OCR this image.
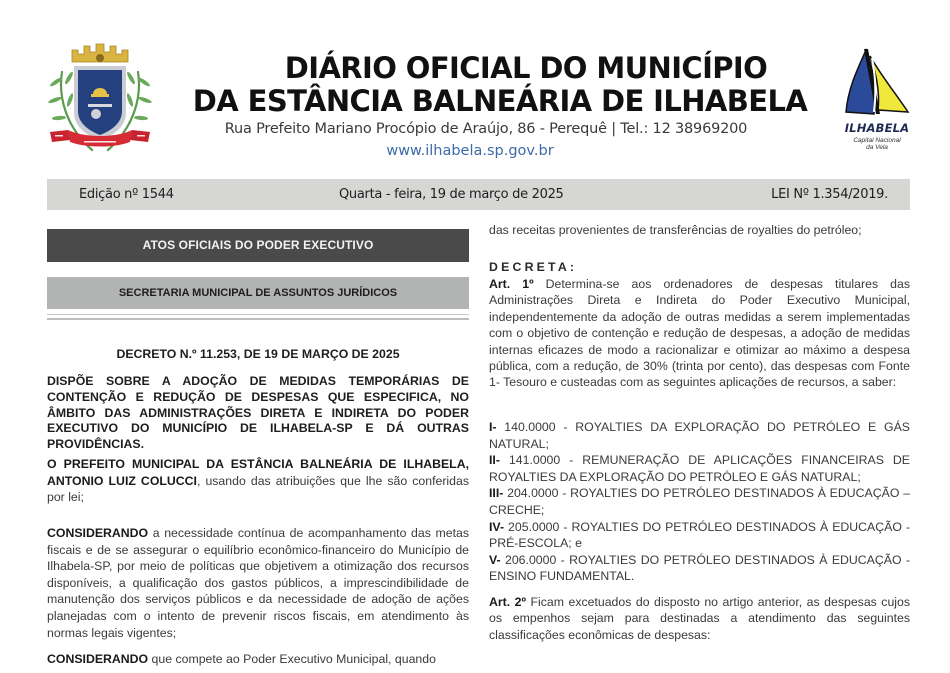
DIÁRIO OFICIAL DO MUNICÍPIO
DA ESTÂNCIA BALNEÁRIA DE ILHABELA
Rua Prefeito Mariano Procópio de Araújo, 86 - Perequê | Tel.: 12 38969200
www.ilhabela.sp.gov.br
ILHABELA
Capital Nacional
da Vela
Edição nº 1544	Quarta - feira, 19 de março de 2025	LEI Nº 1.354/2019.
ATOS OFICIAIS DO PODER EXECUTIVO
SECRETARIA MUNICIPAL DE ASSUNTOS JURÍDICOS
DECRETO N.º 11.253, DE 19 DE MARÇO DE 2025
DISPÕE SOBRE A ADOÇÃO DE MEDIDAS TEMPORÁRIAS DE CONTENÇÃO E REDUÇÃO DE DESPESAS QUE ESPECIFICA, NO ÂMBITO DAS ADMINISTRAÇÕES DIRETA E INDIRETA DO PODER EXECUTIVO DO MUNICÍPIO DE ILHABELA-SP E DÁ OUTRAS PROVIDÊNCIAS.
O PREFEITO MUNICIPAL DA ESTÂNCIA BALNEÁRIA DE ILHABELA, ANTONIO LUIZ COLUCCI, usando das atribuições que lhe são conferidas por lei;
CONSIDERANDO a necessidade contínua de acompanhamento das metas fiscais e de se assegurar o equilíbrio econômico-financeiro do Município de Ilhabela-SP, por meio de políticas que objetivem a otimização dos recursos disponíveis, a qualificação dos gastos públicos, a imprescindibilidade de manutenção dos serviços públicos e da necessidade de adoção de ações planejadas com o intento de prevenir riscos fiscais, em atendimento às normas legais vigentes;
CONSIDERANDO que compete ao Poder Executivo Municipal, quando
das receitas provenientes de transferências de royalties do petróleo;
DECRETA:
Art. 1º Determina-se aos ordenadores de despesas titulares das Administrações Direta e Indireta do Poder Executivo Municipal, independentemente da adoção de outras medidas a serem implementadas com o objetivo de contenção e redução de despesas, a adoção de medidas internas eficazes de modo a racionalizar e otimizar ao máximo a despesa pública, com a redução, de 30% (trinta por cento), das despesas com Fonte 1- Tesouro e custeadas com as seguintes aplicações de recursos, a saber:
I- 140.0000 - ROYALTIES DA EXPLORAÇÃO DO PETRÓLEO E GÁS NATURAL;
II- 141.0000 - REMUNERAÇÃO DE APLICAÇÕES FINANCEIRAS DE ROYALTIES DA EXPLORAÇÃO DO PETRÓLEO E GÁS NATURAL;
III- 204.0000 - ROYALTIES DO PETRÓLEO DESTINADOS À EDUCAÇÃO – CRECHE;
IV- 205.0000 - ROYALTIES DO PETRÓLEO DESTINADOS À EDUCAÇÃO - PRÉ-ESCOLA; e
V- 206.0000 - ROYALTIES DO PETRÓLEO DESTINADOS À EDUCAÇÃO - ENSINO FUNDAMENTAL.
Art. 2º Ficam excetuados do disposto no artigo anterior, as despesas cujos os empenhos sejam para destinadas a atendimento das seguintes classificações econômicas de despesas:
